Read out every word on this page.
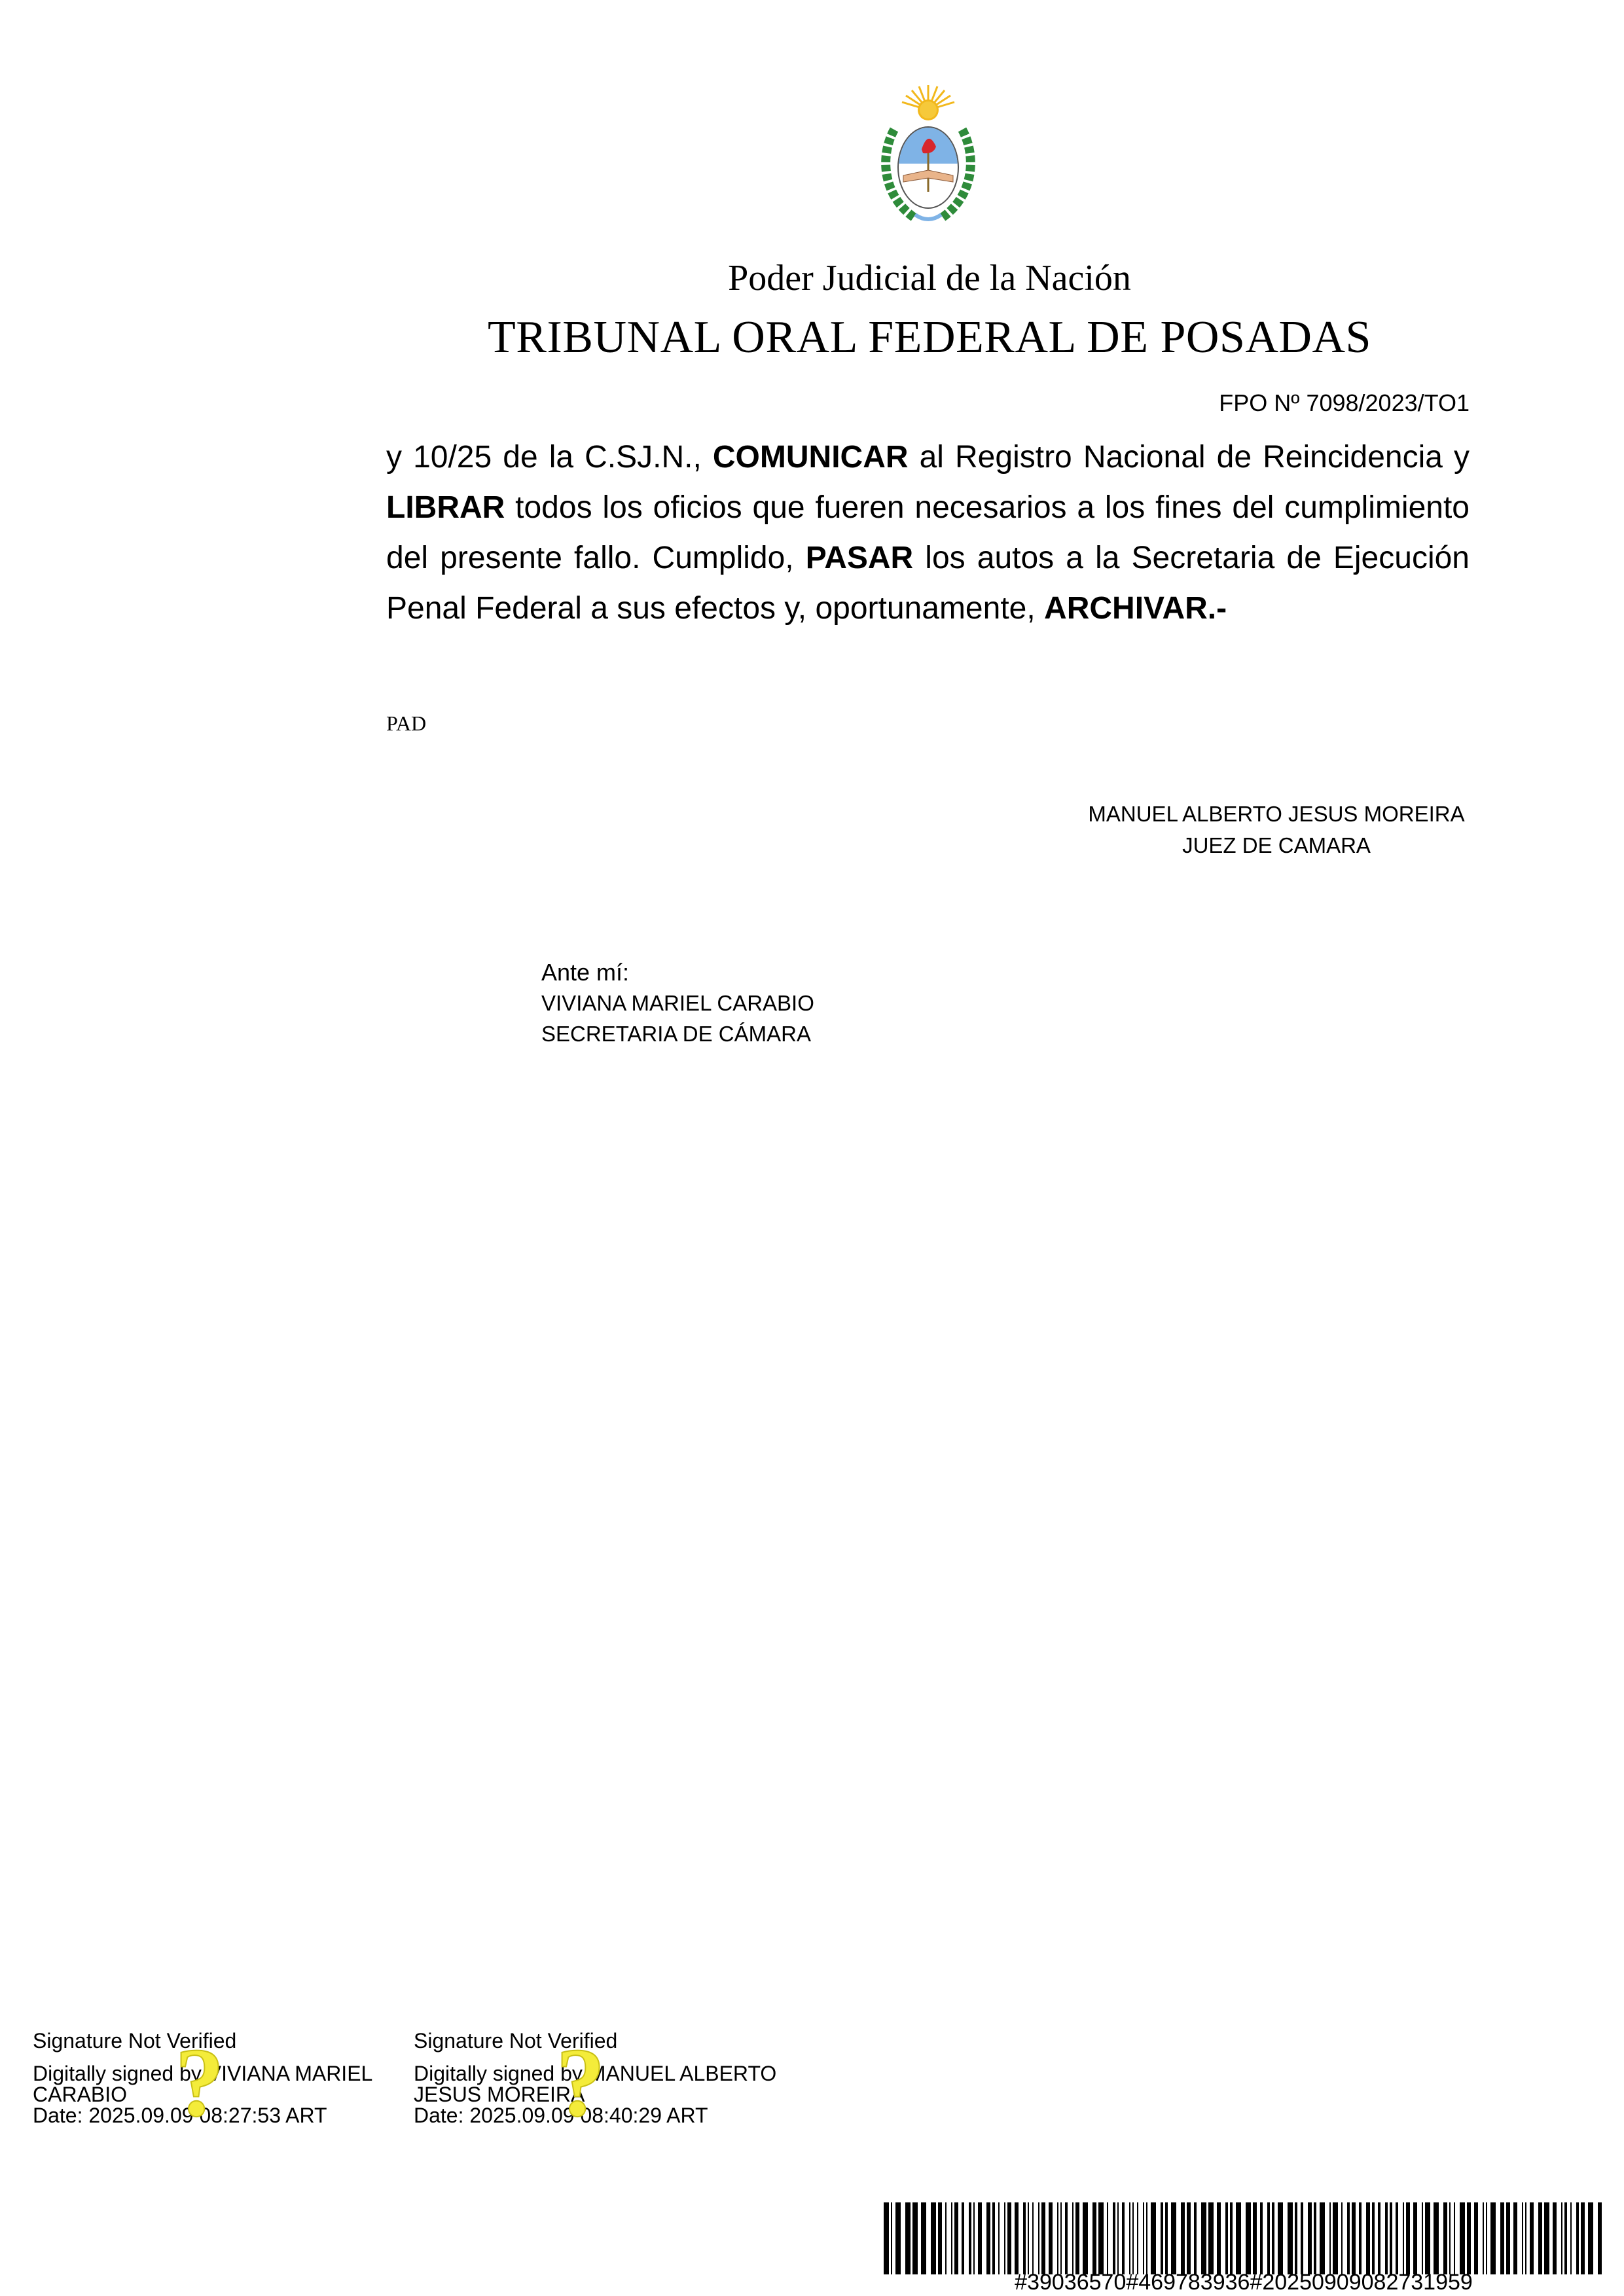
Poder Judicial de la Nación
TRIBUNAL ORAL FEDERAL DE POSADAS
FPO Nº 7098/2023/TO1
y 10/25 de la C.SJ.N., COMUNICAR al Registro Nacional de Reincidencia y LIBRAR todos los oficios que fueren necesarios a los fines del cumplimiento del presente fallo. Cumplido, PASAR los autos a la Secretaria de Ejecución Penal Federal a sus efectos y, oportunamente, ARCHIVAR.-
PAD
MANUEL ALBERTO JESUS MOREIRA
JUEZ DE CAMARA
Ante mí:
VIVIANA MARIEL CARABIO
SECRETARIA DE CÁMARA
?
Signature Not Verified
Digitally signed by VIVIANA MARIEL CARABIO
Date: 2025.09.09 08:27:53 ART	?
Signature Not Verified
Digitally signed by MANUEL ALBERTO JESUS MOREIRA
Date: 2025.09.09 08:40:29 ART
#39036570#469783936#20250909082731959
